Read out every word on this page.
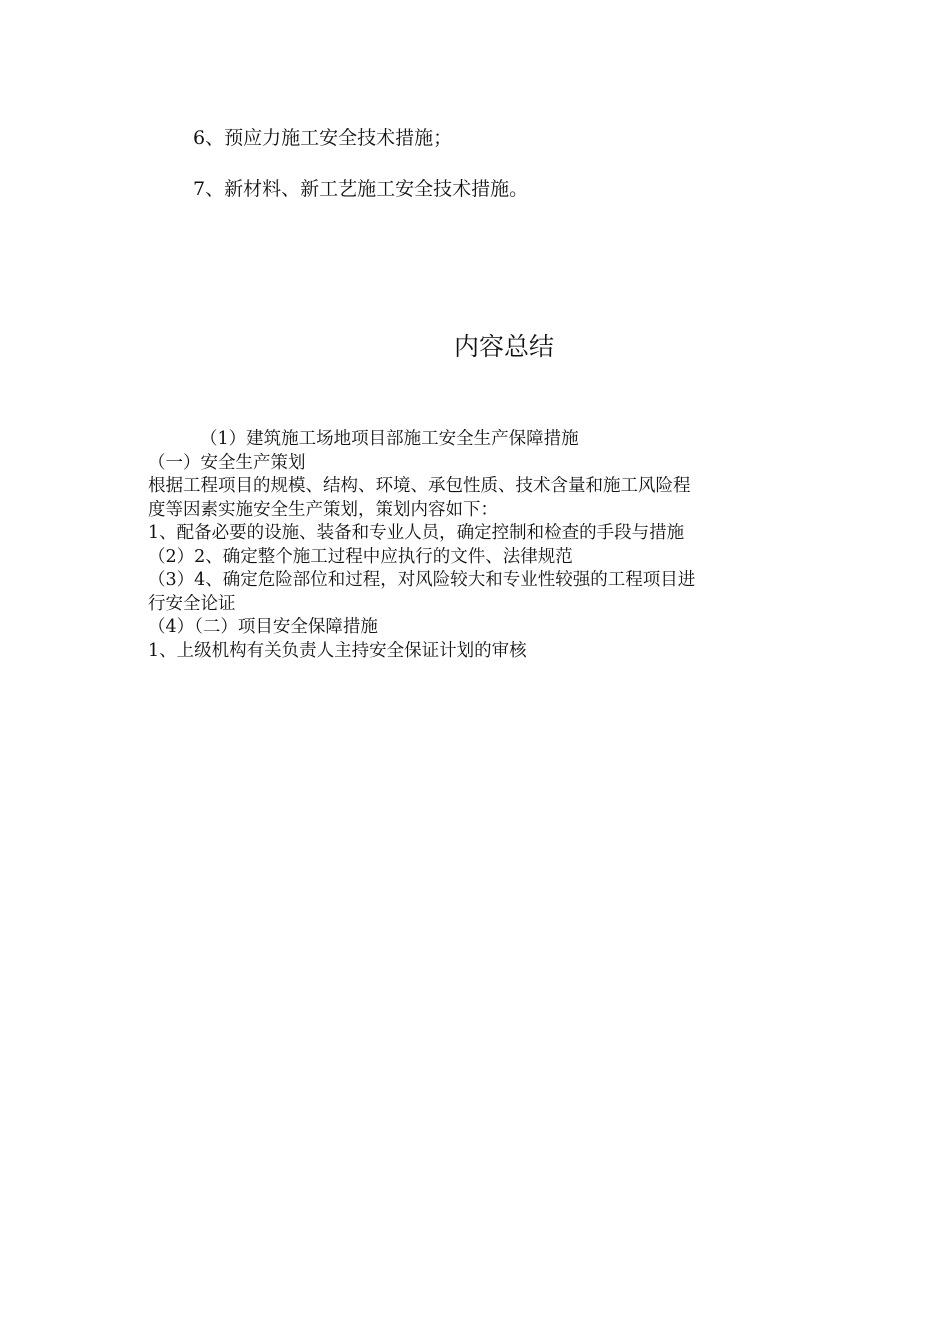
6、预应力施工安全技术措施；
7、新材料、新工艺施工安全技术措施。
内容总结
（1）建筑施工场地项目部施工安全生产保障措施
（一）安全生产策划
根据工程项目的规模、结构、环境、承包性质、技术含量和施工风险程
度等因素实施安全生产策划，策划内容如下：
1、配备必要的设施、装备和专业人员，确定控制和检查的手段与措施
（2）2、确定整个施工过程中应执行的文件、法律规范
（3）4、确定危险部位和过程，对风险较大和专业性较强的工程项目进
行安全论证
（4）（二）项目安全保障措施
1、上级机构有关负责人主持安全保证计划的审核
